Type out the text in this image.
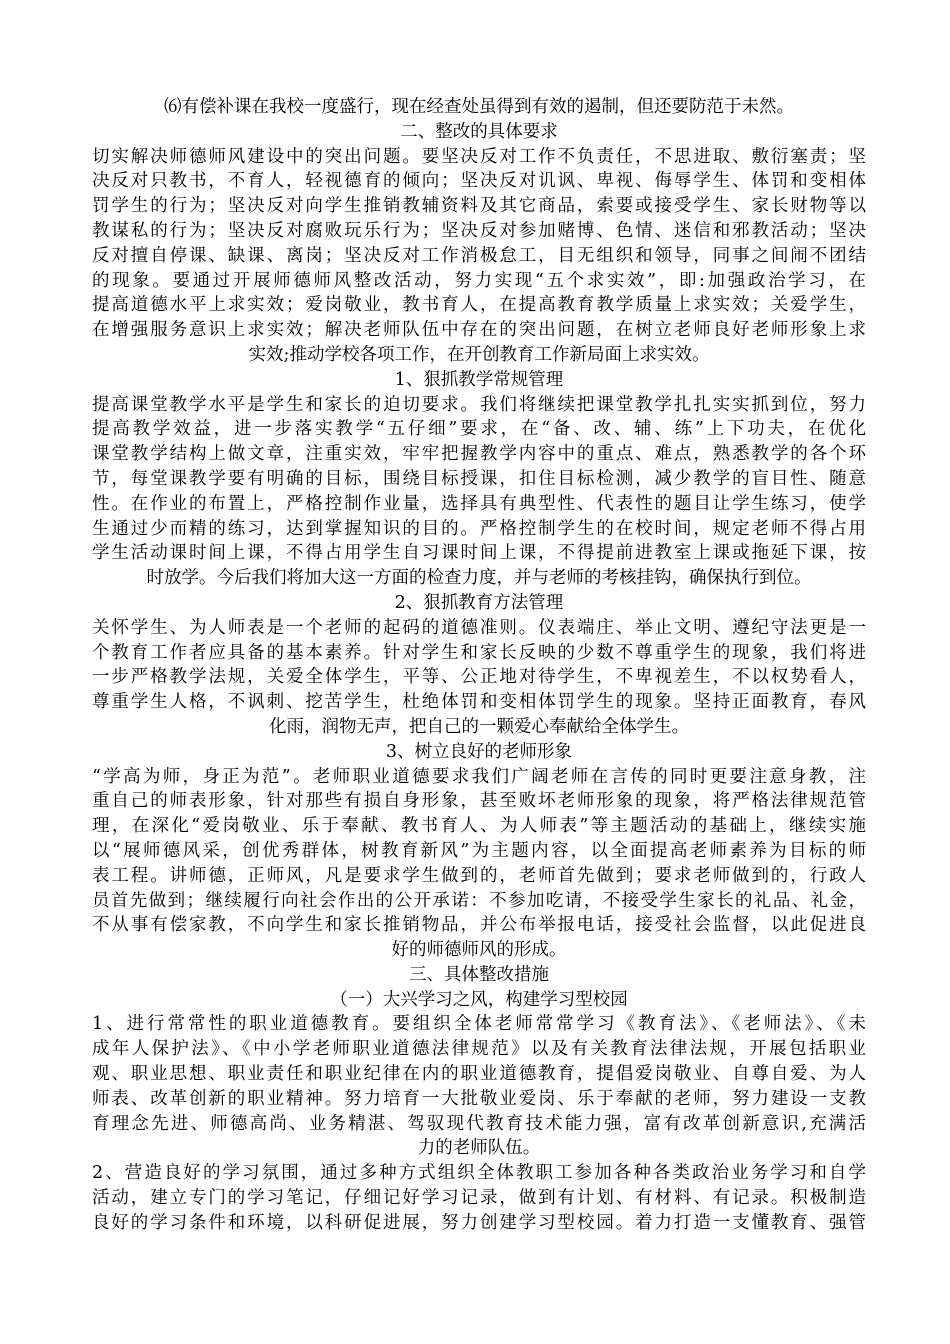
⑹有偿补课在我校一度盛行，现在经查处虽得到有效的遏制，但还要防范于未然。
二、整改的具体要求
切实解决师德师风建设中的突出问题。要坚决反对工作不负责任，不思进取、敷衍塞责；坚
决反对只教书，不育人，轻视德育的倾向；坚决反对讥讽、卑视、侮辱学生、体罚和变相体
罚学生的行为；坚决反对向学生推销教辅资料及其它商品，索要或接受学生、家长财物等以
教谋私的行为；坚决反对腐败玩乐行为；坚决反对参加赌博、色情、迷信和邪教活动；坚决
反对擅自停课、缺课、离岗；坚决反对工作消极怠工，目无组织和领导，同事之间闹不团结
的现象。要通过开展师德师风整改活动，努力实现“五个求实效”，即:加强政治学习，在
提高道德水平上求实效；爱岗敬业，教书育人，在提高教育教学质量上求实效；关爱学生，
在增强服务意识上求实效；解决老师队伍中存在的突出问题，在树立老师良好老师形象上求
实效;推动学校各项工作，在开创教育工作新局面上求实效。
1、狠抓教学常规管理
提高课堂教学水平是学生和家长的迫切要求。我们将继续把课堂教学扎扎实实抓到位，努力
提高教学效益，进一步落实教学“五仔细”要求，在“备、改、辅、练”上下功夫，在优化
课堂教学结构上做文章，注重实效，牢牢把握教学内容中的重点、难点，熟悉教学的各个环
节，每堂课教学要有明确的目标，围绕目标授课，扣住目标检测，减少教学的盲目性、随意
性。在作业的布置上，严格控制作业量，选择具有典型性、代表性的题目让学生练习，使学
生通过少而精的练习，达到掌握知识的目的。严格控制学生的在校时间，规定老师不得占用
学生活动课时间上课，不得占用学生自习课时间上课，不得提前进教室上课或拖延下课，按
时放学。今后我们将加大这一方面的检查力度，并与老师的考核挂钩，确保执行到位。
2、狠抓教育方法管理
关怀学生、为人师表是一个老师的起码的道德准则。仪表端庄、举止文明、遵纪守法更是一
个教育工作者应具备的基本素养。针对学生和家长反映的少数不尊重学生的现象，我们将进
一步严格教学法规，关爱全体学生，平等、公正地对待学生，不卑视差生，不以权势看人，
尊重学生人格，不讽刺、挖苦学生，杜绝体罚和变相体罚学生的现象。坚持正面教育，春风
化雨，润物无声，把自己的一颗爱心奉献给全体学生。
3、树立良好的老师形象
“学高为师，身正为范”。老师职业道德要求我们广阔老师在言传的同时更要注意身教，注
重自己的师表形象，针对那些有损自身形象，甚至败坏老师形象的现象，将严格法律规范管
理，在深化“爱岗敬业、乐于奉献、教书育人、为人师表”等主题活动的基础上，继续实施
以“展师德风采，创优秀群体，树教育新风”为主题内容，以全面提高老师素养为目标的师
表工程。讲师德，正师风，凡是要求学生做到的，老师首先做到；要求老师做到的，行政人
员首先做到；继续履行向社会作出的公开承诺：不参加吃请，不接受学生家长的礼品、礼金，
不从事有偿家教，不向学生和家长推销物品，并公布举报电话，接受社会监督，以此促进良
好的师德师风的形成。
三、具体整改措施
（一）大兴学习之风，构建学习型校园
1、进行常常性的职业道德教育。要组织全体老师常常学习《教育法》、《老师法》、《未
成年人保护法》、《中小学老师职业道德法律规范》以及有关教育法律法规，开展包括职业
观、职业思想、职业责任和职业纪律在内的职业道德教育，提倡爱岗敬业、自尊自爱、为人
师表、改革创新的职业精神。努力培育一大批敬业爱岗、乐于奉献的老师，努力建设一支教
育理念先进、师德高尚、业务精湛、驾驭现代教育技术能力强，富有改革创新意识,充满活
力的老师队伍。
2、营造良好的学习氛围，通过多种方式组织全体教职工参加各种各类政治业务学习和自学
活动，建立专门的学习笔记，仔细记好学习记录，做到有计划、有材料、有记录。积极制造
良好的学习条件和环境，以科研促进展，努力创建学习型校园。着力打造一支懂教育、强管
